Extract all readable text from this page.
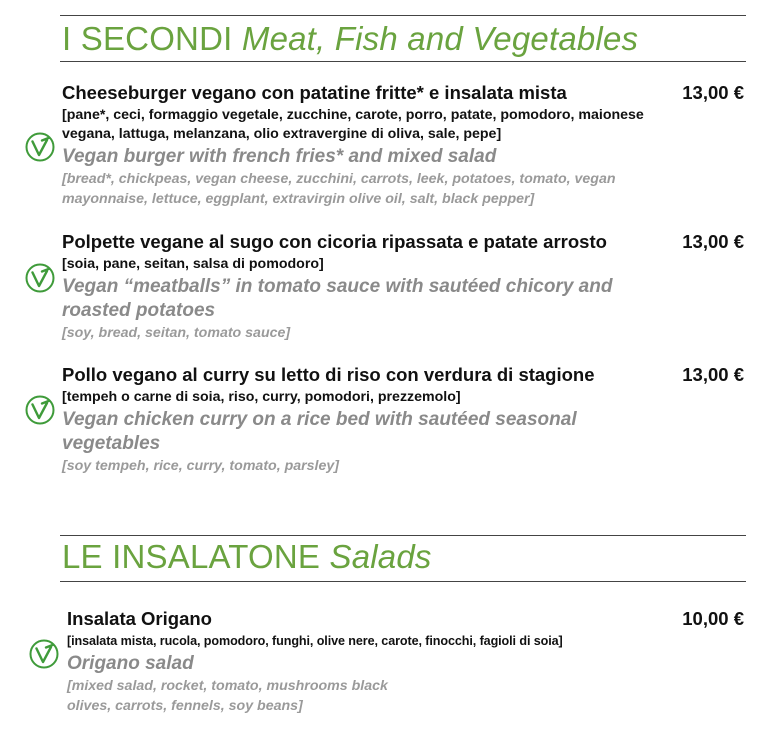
I SECONDI Meat, Fish and Vegetables
Cheeseburger vegano con patatine fritte* e insalata mista	13,00 €
[pane*, ceci, formaggio vegetale, zucchine, carote, porro, patate, pomodoro, maionese vegana, lattuga, melanzana, olio extravergine di oliva, sale, pepe]
Vegan burger with french fries* and mixed salad
[bread*, chickpeas, vegan cheese, zucchini, carrots, leek, potatoes, tomato, vegan mayonnaise, lettuce, eggplant, extravirgin olive oil, salt, black pepper]
Polpette vegane al sugo con cicoria ripassata e patate arrosto	13,00 €
[soia, pane, seitan, salsa di pomodoro]
Vegan “meatballs” in tomato sauce with sautéed chicory and roasted potatoes
[soy, bread, seitan, tomato sauce]
Pollo vegano al curry su letto di riso con verdura di stagione	13,00 €
[tempeh o carne di soia, riso, curry, pomodori, prezzemolo]
Vegan chicken curry on a rice bed with sautéed seasonal vegetables
[soy tempeh, rice, curry, tomato, parsley]
LE INSALATONE Salads
Insalata Origano	10,00 €
[insalata mista, rucola, pomodoro, funghi, olive nere, carote, finocchi, fagioli di soia]
Origano salad
[mixed salad, rocket, tomato, mushrooms black olives, carrots, fennels, soy beans]
